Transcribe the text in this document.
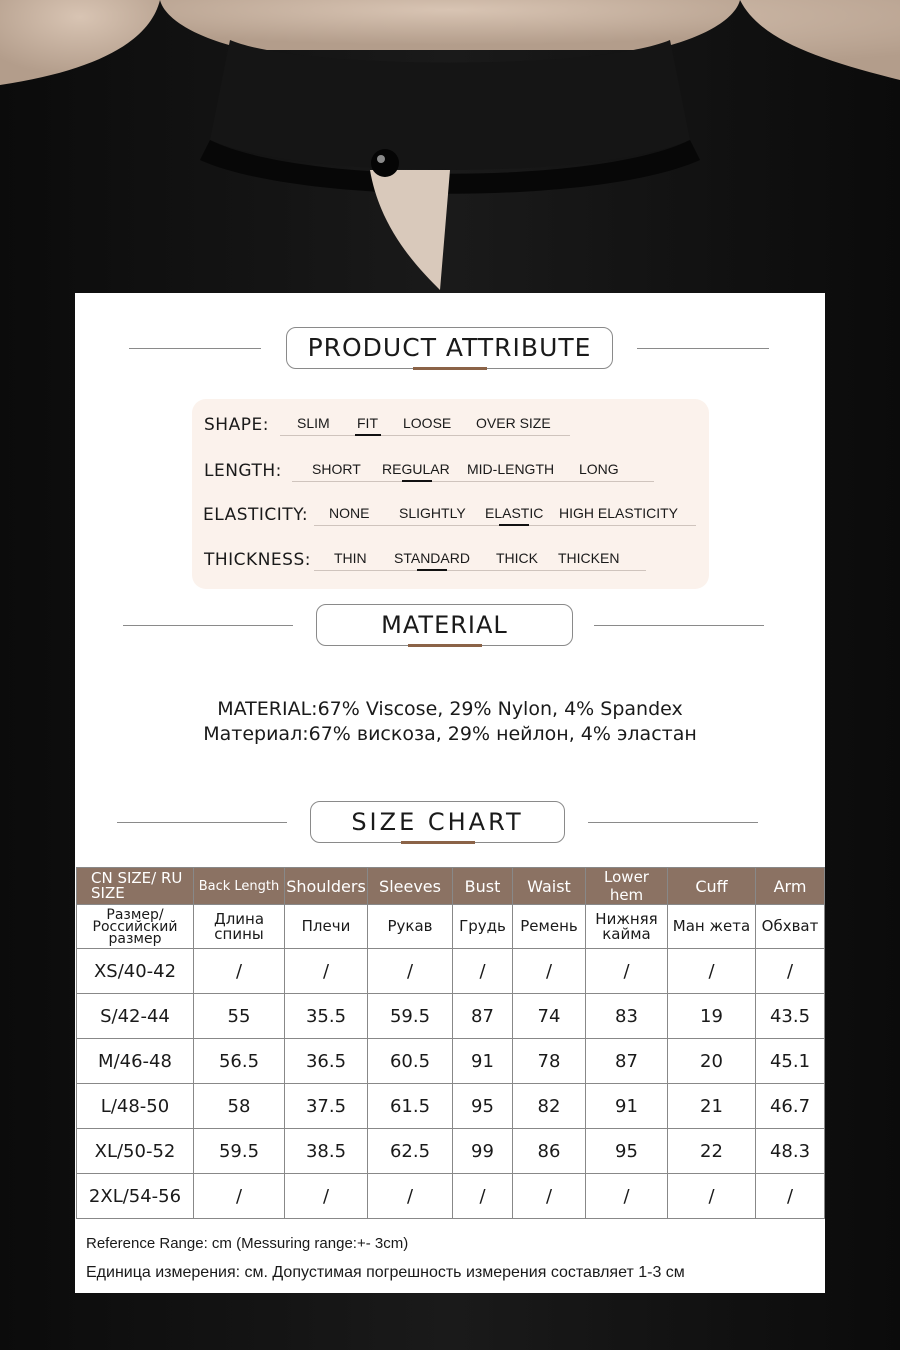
PRODUCT ATTRIBUTE
SHAPE: SLIM FIT LOOSE OVER SIZE
LENGTH: SHORT REGULAR MID-LENGTH LONG
ELASTICITY: NONE SLIGHTLY ELASTIC HIGH ELASTICITY
THICKNESS: THIN STANDARD THICK THICKEN
MATERIAL
MATERIAL:67% Viscose, 29% Nylon, 4% Spandex
Материал:67% вискоза, 29% нейлон, 4% эластан
SIZE CHART
CN SIZE/ RU SIZE	Back Length	Shoulders	Sleeves	Bust	Waist	Lower hem	Cuff	Arm
Размер/ Российский размер	Длина спины	Плечи	Рукав	Грудь	Ремень	Нижняя кайма	Ман жета	Обхват
XS/40-42	/	/	/	/	/	/	/	/
S/42-44	55	35.5	59.5	87	74	83	19	43.5
M/46-48	56.5	36.5	60.5	91	78	87	20	45.1
L/48-50	58	37.5	61.5	95	82	91	21	46.7
XL/50-52	59.5	38.5	62.5	99	86	95	22	48.3
2XL/54-56	/	/	/	/	/	/	/	/
Reference Range: cm (Messuring range:+- 3cm)
Единица измерения: см. Допустимая погрешность измерения составляет 1-3 см
